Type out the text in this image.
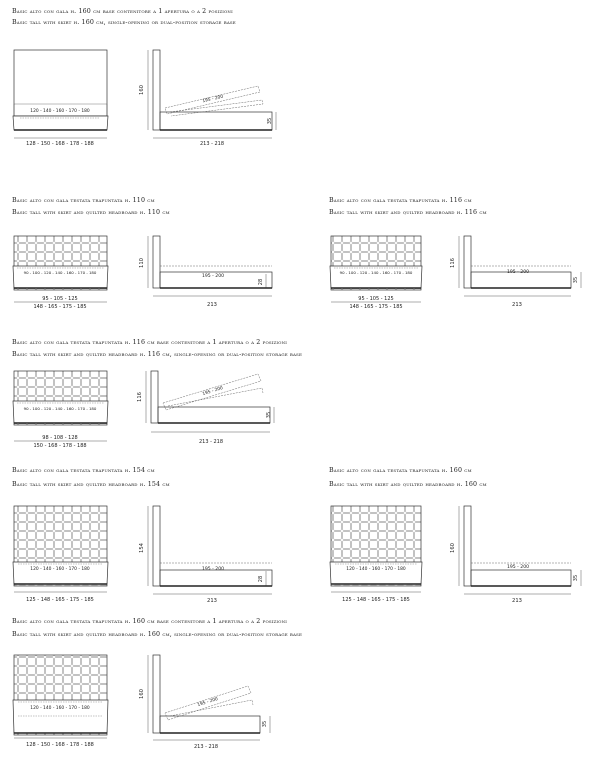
Basic alto con gala h. 160 cm base contenitore a 1 apertura o a 2 posizioni
Basic tall with skirt h. 160 cm, single-opening or dual-position storage base
Basic alto con gala testata trapuntata h. 110 cm
Basic tall with skirt and quilted headboard h. 110 cm
Basic alto con gala testata trapuntata h. 116 cm
Basic tall with skirt and quilted headboard h. 116 cm
Basic alto con gala testata trapuntata h. 116 cm base contenitore a 1 apertura o a 2 posizioni
Basic tall with skirt and quilted headboard h. 116 cm, single-opening or dual-position storage base
Basic alto con gala testata trapuntata h. 154 cm
Basic tall with skirt and quilted headboard h. 154 cm
Basic alto con gala testata trapuntata h. 160 cm
Basic tall with skirt and quilted headboard h. 160 cm
Basic alto con gala testata trapuntata h. 160 cm base contenitore a 1 apertura o a 2 posizioni
Basic tall with skirt and quilted headboard h. 160 cm, single-opening or dual-position storage base
120 - 140 - 160 - 170 - 180
128 - 150 - 168 - 178 - 188
195 - 200
160
35
213 - 218
90 - 100 - 120 - 140 - 160 - 170 - 180
95 - 105 - 125
148 - 165 - 175 - 185
195 - 200
110
28
213
90 - 100 - 120 - 140 - 160 - 170 - 180
95 - 105 - 125
148 - 165 - 175 - 185
195 - 200
116
35
213
90 - 100 - 120 - 140 - 160 - 170 - 180
98 - 108 - 128
150 - 168 - 178 - 188
195 - 200
116
35
213 - 218
120 - 140 - 160 - 170 - 180
125 - 148 - 165 - 175 - 185
195 - 200
154
28
213
120 - 140 - 160 - 170 - 180
125 - 148 - 165 - 175 - 185
195 - 200
160
35
213
120 - 140 - 160 - 170 - 180
128 - 150 - 168 - 178 - 188
195 - 200
160
35
213 - 218
